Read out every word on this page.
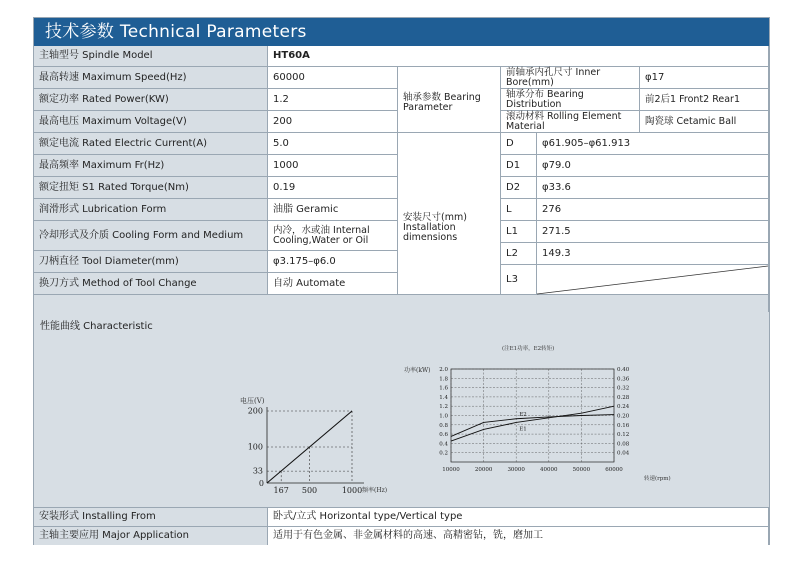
技术参数 Technical Parameters
主轴型号 Spindle Model	HT60A
最高转速 Maximum Speed(Hz)	60000
额定功率 Rated Power(KW)	1.2
最高电压 Maximum Voltage(V)	200
额定电流 Rated Electric Current(A)	5.0
最高频率 Maximum Fr(Hz)	1000
额定扭矩 S1 Rated Torque(Nm)	0.19
润滑形式 Lubrication Form	油脂 Geramic
冷却形式及介质 Cooling Form and Medium	内冷，水或油 Internal Cooling,Water or Oil
刀柄直径 Tool Diameter(mm)	φ3.175–φ6.0
换刀方式 Method of Tool Change	自动 Automate
轴承参数 Bearing Parameter
前轴承内孔尺寸 Inner Bore(mm)	φ17
轴承分布 Bearing Distribution	前2后1 Front2 Rear1
滚动材料 Rolling Element Material	陶瓷球 Cetamic Ball
安装尺寸(mm) Installation dimensions
D	φ61.905–φ61.913
D1	φ79.0
D2	φ33.6
L	276
L1	271.5
L2	149.3
L3
性能曲线 Characteristic
电压(V)
33
100
200
0
167 500	1000 频率(Hz)
(注E1功率，E2转矩)
功率(kW)
0.2	0.04
0.4	0.08
0.6	0.12
0.8	0.16
1.0	0.20
1.2	0.24
1.4	0.28
1.6	0.32
1.8	0.36
2.0	0.40
10000	20000	30000	40000	50000	60000
E1
E2
转速(rpm)
安装形式 Installing From	卧式/立式 Horizontal type/Vertical type
主轴主要应用 Major Application	适用于有色金属、非金属材料的高速、高精密钻，铣，磨加工
